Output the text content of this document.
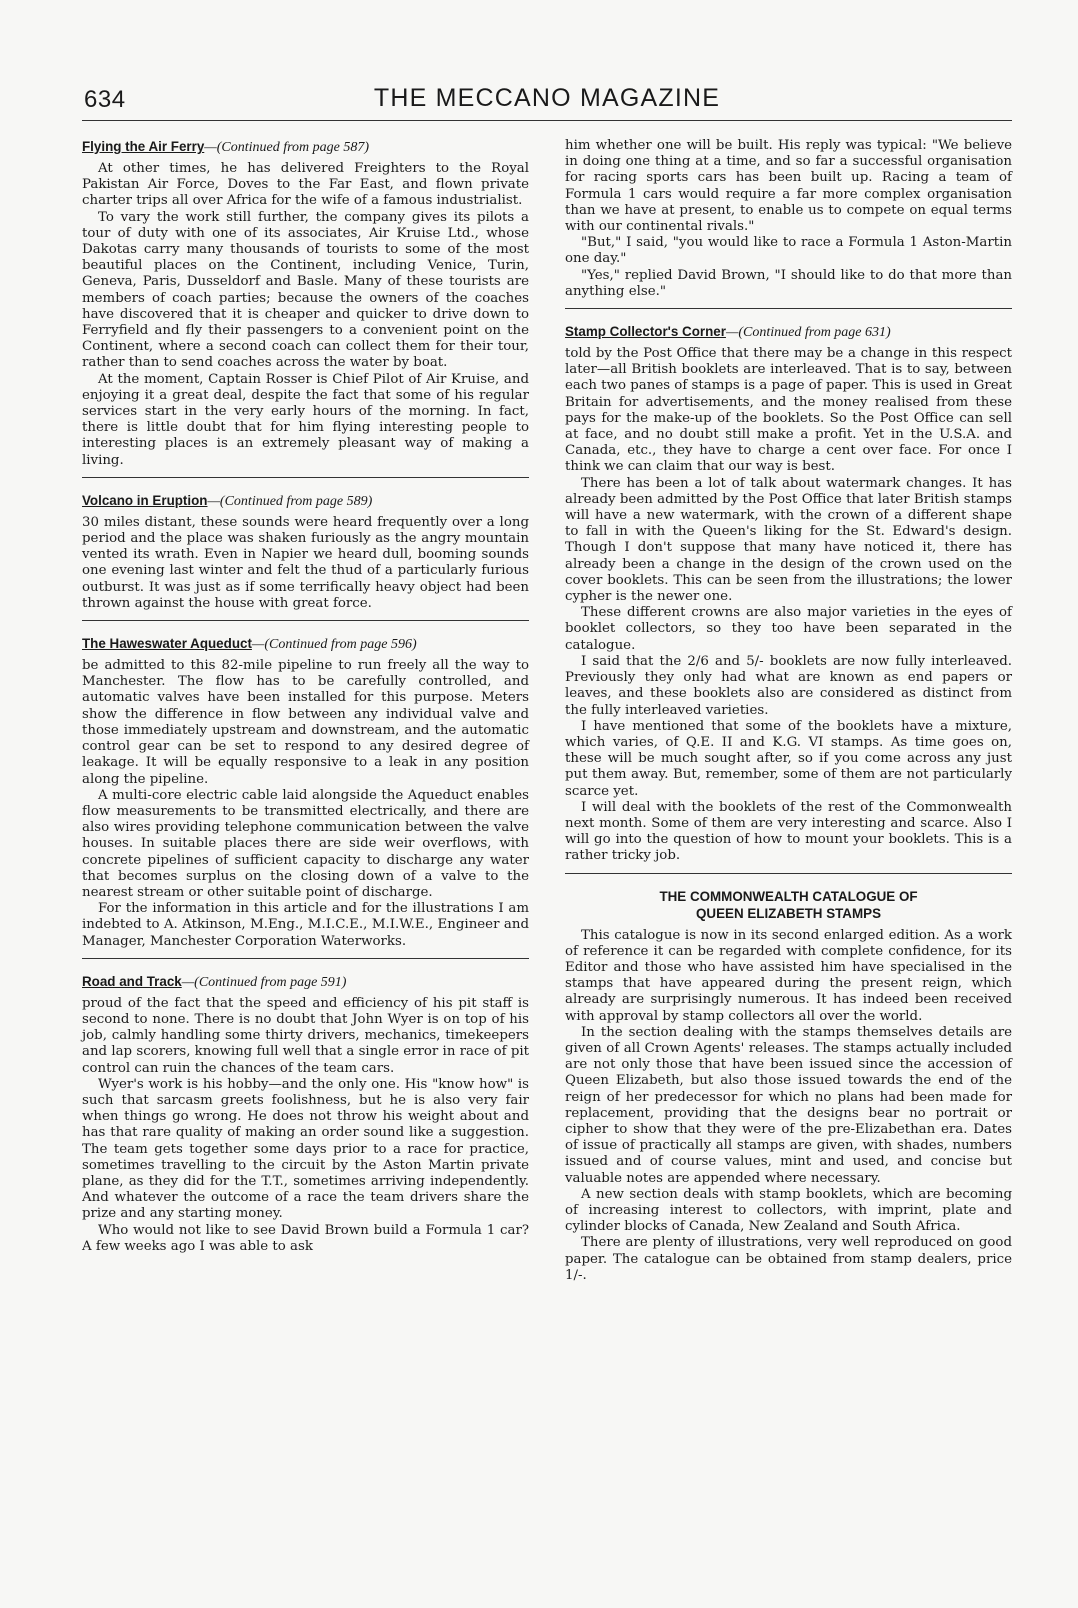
634	THE MECCANO MAGAZINE
Flying the Air Ferry—(Continued from page 587)

At other times, he has delivered Freighters to the Royal Pakistan Air Force, Doves to the Far East, and flown private charter trips all over Africa for the wife of a famous industrialist.

To vary the work still further, the company gives its pilots a tour of duty with one of its associates, Air Kruise Ltd., whose Dakotas carry many thousands of tourists to some of the most beautiful places on the Continent, including Venice, Turin, Geneva, Paris, Dusseldorf and Basle. Many of these tourists are members of coach parties; because the owners of the coaches have discovered that it is cheaper and quicker to drive down to Ferryfield and fly their passengers to a convenient point on the Continent, where a second coach can collect them for their tour, rather than to send coaches across the water by boat.

At the moment, Captain Rosser is Chief Pilot of Air Kruise, and enjoying it a great deal, despite the fact that some of his regular services start in the very early hours of the morning. In fact, there is little doubt that for him flying interesting people to interesting places is an extremely pleasant way of making a living.

Volcano in Eruption—(Continued from page 589)

30 miles distant, these sounds were heard frequently over a long period and the place was shaken furiously as the angry mountain vented its wrath. Even in Napier we heard dull, booming sounds one evening last winter and felt the thud of a particularly furious outburst. It was just as if some terrifically heavy object had been thrown against the house with great force.

The Haweswater Aqueduct—(Continued from page 596)

be admitted to this 82-mile pipeline to run freely all the way to Manchester. The flow has to be carefully controlled, and automatic valves have been installed for this purpose. Meters show the difference in flow between any individual valve and those immediately upstream and downstream, and the automatic control gear can be set to respond to any desired degree of leakage. It will be equally responsive to a leak in any position along the pipeline.

A multi-core electric cable laid alongside the Aqueduct enables flow measurements to be transmitted electrically, and there are also wires providing telephone communication between the valve houses. In suitable places there are side weir overflows, with concrete pipelines of sufficient capacity to discharge any water that becomes surplus on the closing down of a valve to the nearest stream or other suitable point of discharge.

For the information in this article and for the illustrations I am indebted to A. Atkinson, M.Eng., M.I.C.E., M.I.W.E., Engineer and Manager, Manchester Corporation Waterworks.

Road and Track—(Continued from page 591)

proud of the fact that the speed and efficiency of his pit staff is second to none. There is no doubt that John Wyer is on top of his job, calmly handling some thirty drivers, mechanics, timekeepers and lap scorers, knowing full well that a single error in race of pit control can ruin the chances of the team cars.

Wyer's work is his hobby—and the only one. His "know how" is such that sarcasm greets foolishness, but he is also very fair when things go wrong. He does not throw his weight about and has that rare quality of making an order sound like a suggestion. The team gets together some days prior to a race for practice, sometimes travelling to the circuit by the Aston Martin private plane, as they did for the T.T., sometimes arriving independently. And whatever the outcome of a race the team drivers share the prize and any starting money.

Who would not like to see David Brown build a Formula 1 car? A few weeks ago I was able to ask

him whether one will be built. His reply was typical: "We believe in doing one thing at a time, and so far a successful organisation for racing sports cars has been built up. Racing a team of Formula 1 cars would require a far more complex organisation than we have at present, to enable us to compete on equal terms with our continental rivals."

"But," I said, "you would like to race a Formula 1 Aston-Martin one day."

"Yes," replied David Brown, "I should like to do that more than anything else."

Stamp Collector's Corner—(Continued from page 631)

told by the Post Office that there may be a change in this respect later—all British booklets are interleaved. That is to say, between each two panes of stamps is a page of paper. This is used in Great Britain for advertisements, and the money realised from these pays for the make-up of the booklets. So the Post Office can sell at face, and no doubt still make a profit. Yet in the U.S.A. and Canada, etc., they have to charge a cent over face. For once I think we can claim that our way is best.

There has been a lot of talk about watermark changes. It has already been admitted by the Post Office that later British stamps will have a new watermark, with the crown of a different shape to fall in with the Queen's liking for the St. Edward's design. Though I don't suppose that many have noticed it, there has already been a change in the design of the crown used on the cover booklets. This can be seen from the illustrations; the lower cypher is the newer one.

These different crowns are also major varieties in the eyes of booklet collectors, so they too have been separated in the catalogue.

I said that the 2/6 and 5/- booklets are now fully interleaved. Previously they only had what are known as end papers or leaves, and these booklets also are considered as distinct from the fully interleaved varieties.

I have mentioned that some of the booklets have a mixture, which varies, of Q.E. II and K.G. VI stamps. As time goes on, these will be much sought after, so if you come across any just put them away. But, remember, some of them are not particularly scarce yet.

I will deal with the booklets of the rest of the Commonwealth next month. Some of them are very interesting and scarce. Also I will go into the question of how to mount your booklets. This is a rather tricky job.

THE COMMONWEALTH CATALOGUE OF
QUEEN ELIZABETH STAMPS

This catalogue is now in its second enlarged edition. As a work of reference it can be regarded with complete confidence, for its Editor and those who have assisted him have specialised in the stamps that have appeared during the present reign, which already are surprisingly numerous. It has indeed been received with approval by stamp collectors all over the world.

In the section dealing with the stamps themselves details are given of all Crown Agents' releases. The stamps actually included are not only those that have been issued since the accession of Queen Elizabeth, but also those issued towards the end of the reign of her predecessor for which no plans had been made for replacement, providing that the designs bear no portrait or cipher to show that they were of the pre-Elizabethan era. Dates of issue of practically all stamps are given, with shades, numbers issued and of course values, mint and used, and concise but valuable notes are appended where necessary.

A new section deals with stamp booklets, which are becoming of increasing interest to collectors, with imprint, plate and cylinder blocks of Canada, New Zealand and South Africa.

There are plenty of illustrations, very well reproduced on good paper. The catalogue can be obtained from stamp dealers, price 1/-.
